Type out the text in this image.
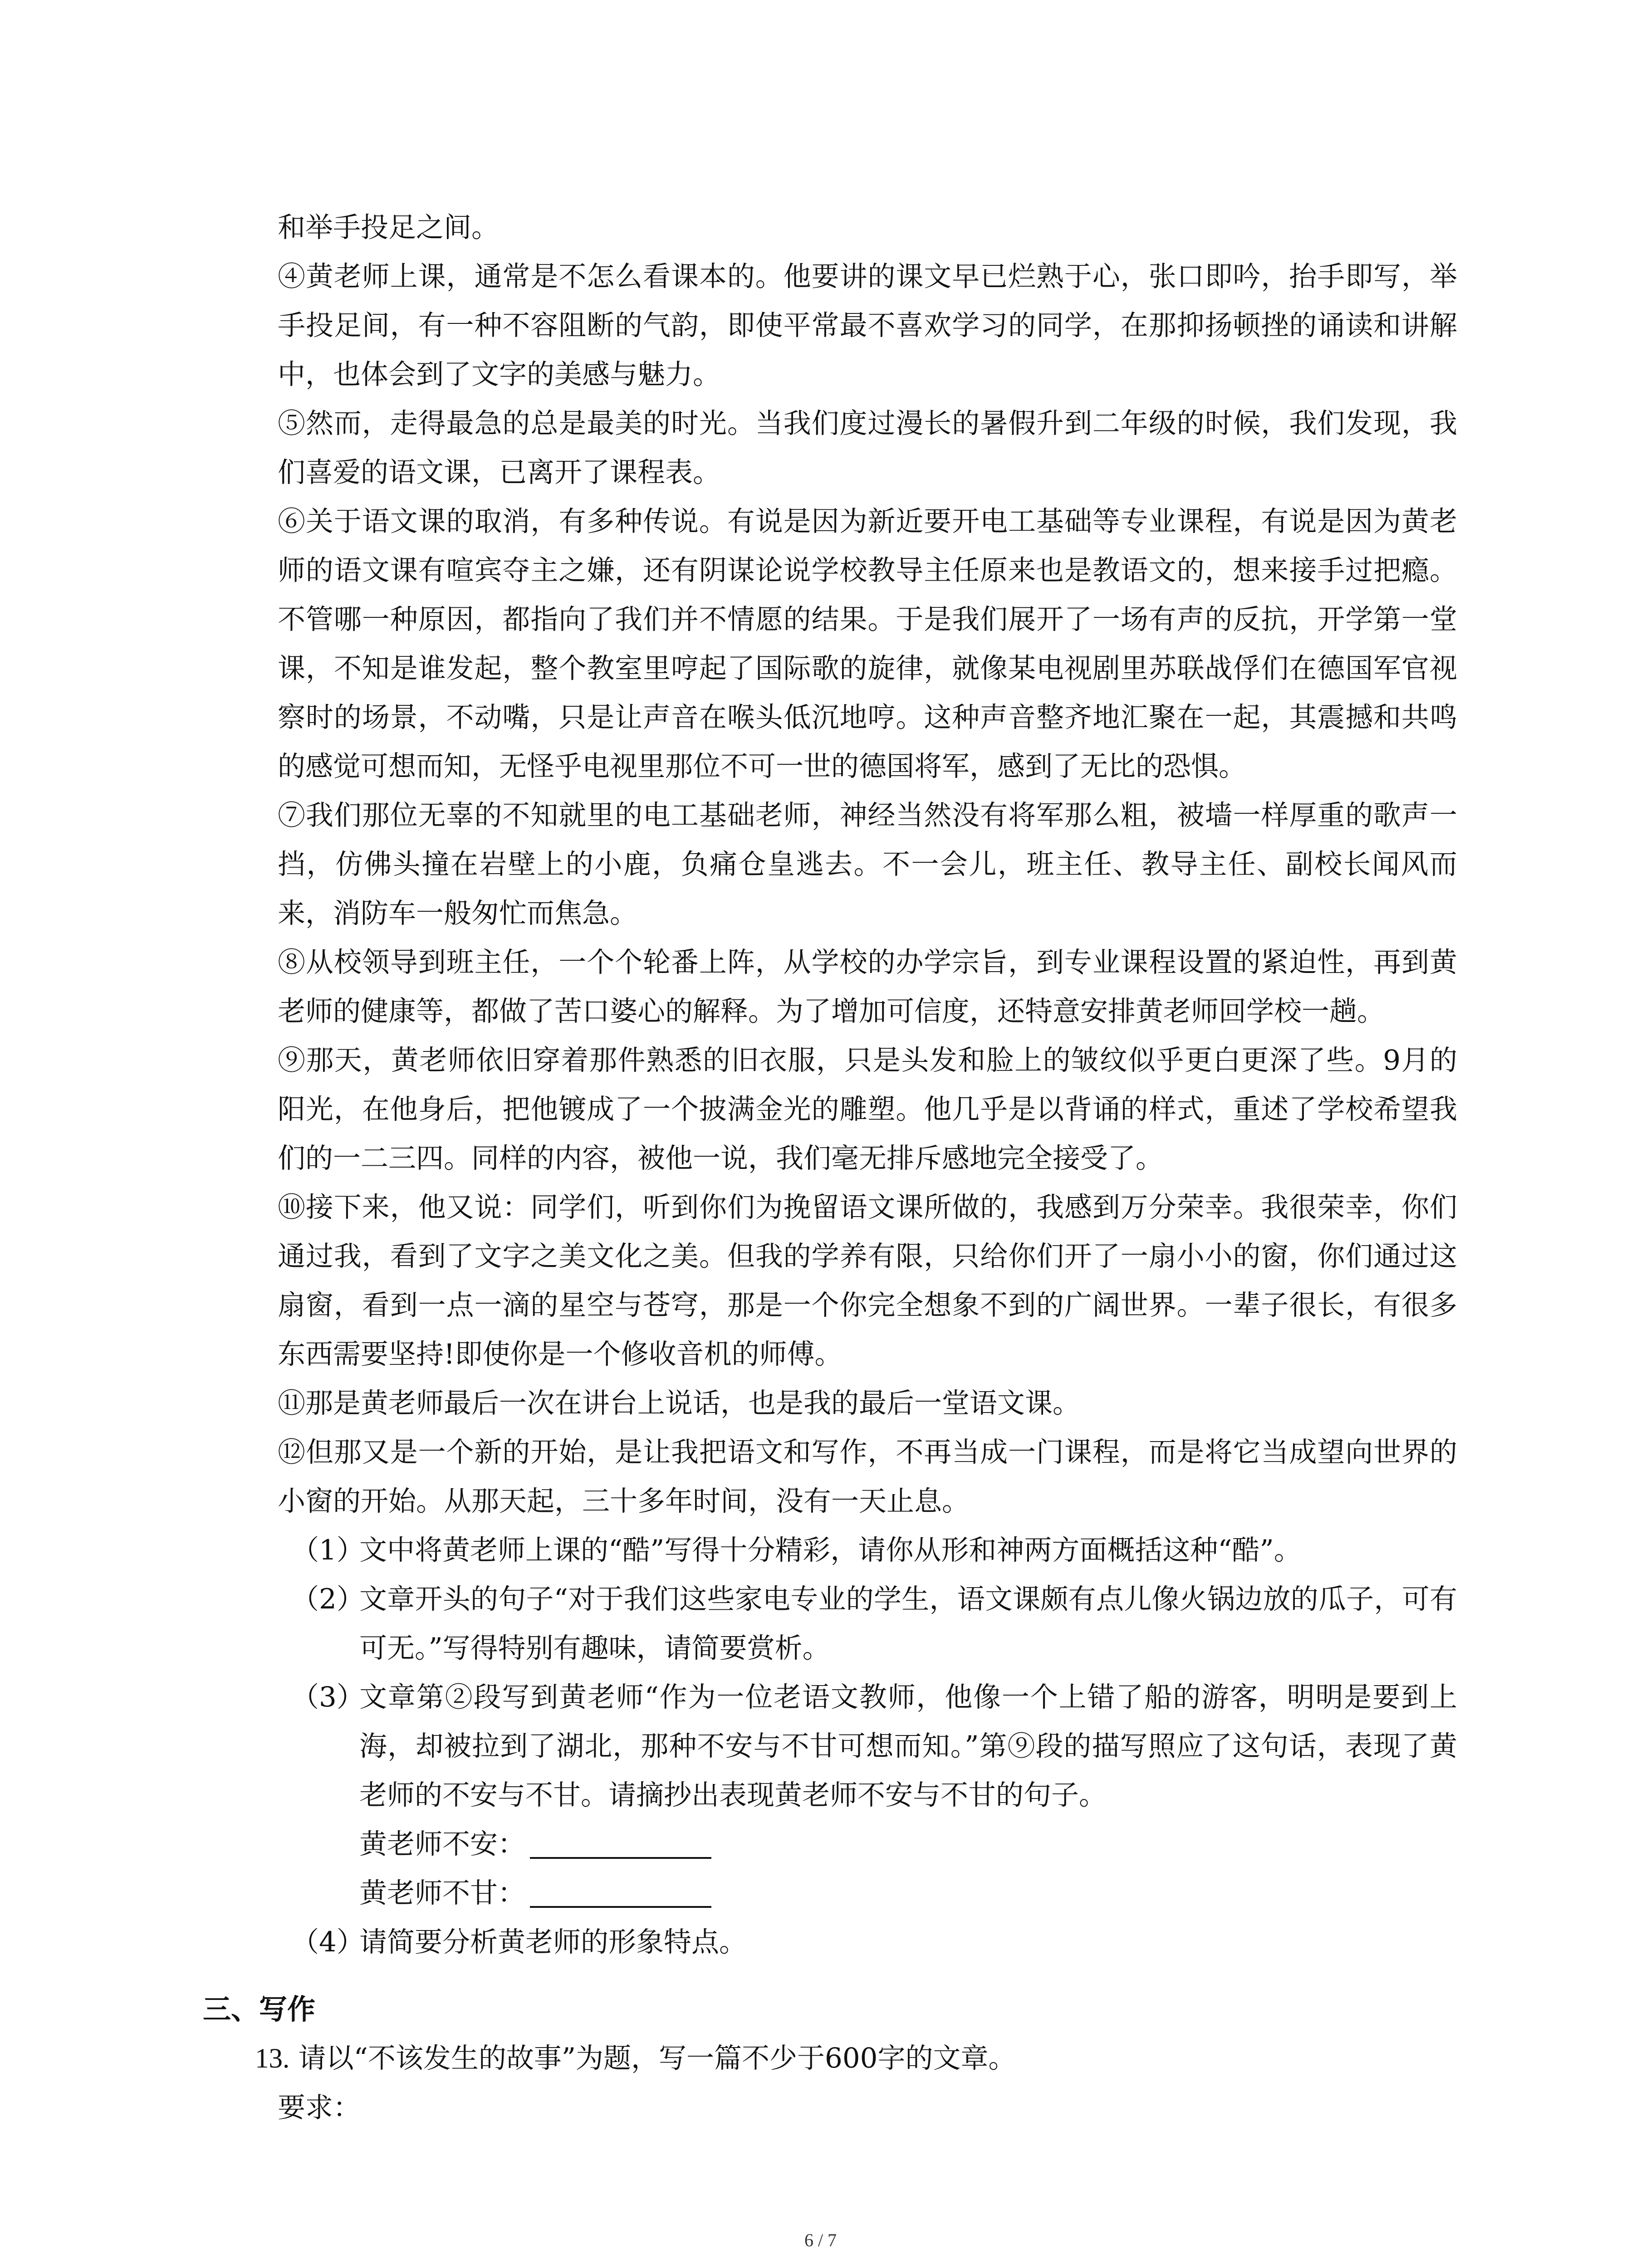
和举手投足之间。

④黄老师上课，通常是不怎么看课本的。他要讲的课文早已烂熟于心，张口即吟，抬手即写，举手投足间，有一种不容阻断的气韵，即使平常最不喜欢学习的同学，在那抑扬顿挫的诵读和讲解中，也体会到了文字的美感与魅力。

⑤然而，走得最急的总是最美的时光。当我们度过漫长的暑假升到二年级的时候，我们发现，我们喜爱的语文课，已离开了课程表。

⑥关于语文课的取消，有多种传说。有说是因为新近要开电工基础等专业课程，有说是因为黄老师的语文课有喧宾夺主之嫌，还有阴谋论说学校教导主任原来也是教语文的，想来接手过把瘾。不管哪一种原因，都指向了我们并不情愿的结果。于是我们展开了一场有声的反抗，开学第一堂课，不知是谁发起，整个教室里哼起了国际歌的旋律，就像某电视剧里苏联战俘们在德国军官视察时的场景，不动嘴，只是让声音在喉头低沉地哼。这种声音整齐地汇聚在一起，其震撼和共鸣的感觉可想而知，无怪乎电视里那位不可一世的德国将军，感到了无比的恐惧。

⑦我们那位无辜的不知就里的电工基础老师，神经当然没有将军那么粗，被墙一样厚重的歌声一挡，仿佛头撞在岩壁上的小鹿，负痛仓皇逃去。不一会儿，班主任、教导主任、副校长闻风而来，消防车一般匆忙而焦急。

⑧从校领导到班主任，一个个轮番上阵，从学校的办学宗旨，到专业课程设置的紧迫性，再到黄老师的健康等，都做了苦口婆心的解释。为了增加可信度，还特意安排黄老师回学校一趟。

⑨那天，黄老师依旧穿着那件熟悉的旧衣服，只是头发和脸上的皱纹似乎更白更深了些。9月的阳光，在他身后，把他镀成了一个披满金光的雕塑。他几乎是以背诵的样式，重述了学校希望我们的一二三四。同样的内容，被他一说，我们毫无排斥感地完全接受了。

⑩接下来，他又说：同学们，听到你们为挽留语文课所做的，我感到万分荣幸。我很荣幸，你们通过我，看到了文字之美文化之美。但我的学养有限，只给你们开了一扇小小的窗，你们通过这扇窗，看到一点一滴的星空与苍穹，那是一个你完全想象不到的广阔世界。一辈子很长，有很多东西需要坚持!即使你是一个修收音机的师傅。

⑪那是黄老师最后一次在讲台上说话，也是我的最后一堂语文课。

⑫但那又是一个新的开始，是让我把语文和写作，不再当成一门课程，而是将它当成望向世界的小窗的开始。从那天起，三十多年时间，没有一天止息。

（1）
文中将黄老师上课的“酷”写得十分精彩，请你从形和神两方面概括这种“酷”。
（2）
文章开头的句子“对于我们这些家电专业的学生，语文课颇有点儿像火锅边放的瓜子，可有可无。”写得特别有趣味，请简要赏析。
（3）
文章第②段写到黄老师“作为一位老语文教师，他像一个上错了船的游客，明明是要到上海，却被拉到了湖北，那种不安与不甘可想而知。”第⑨段的描写照应了这句话，表现了黄老师的不安与不甘。请摘抄出表现黄老师不安与不甘的句子。

黄老师不安：

黄老师不甘：

（4）
请简要分析黄老师的形象特点。

三、写作

13. 请以“不该发生的故事”为题，写一篇不少于600字的文章。

要求：

6 / 7
